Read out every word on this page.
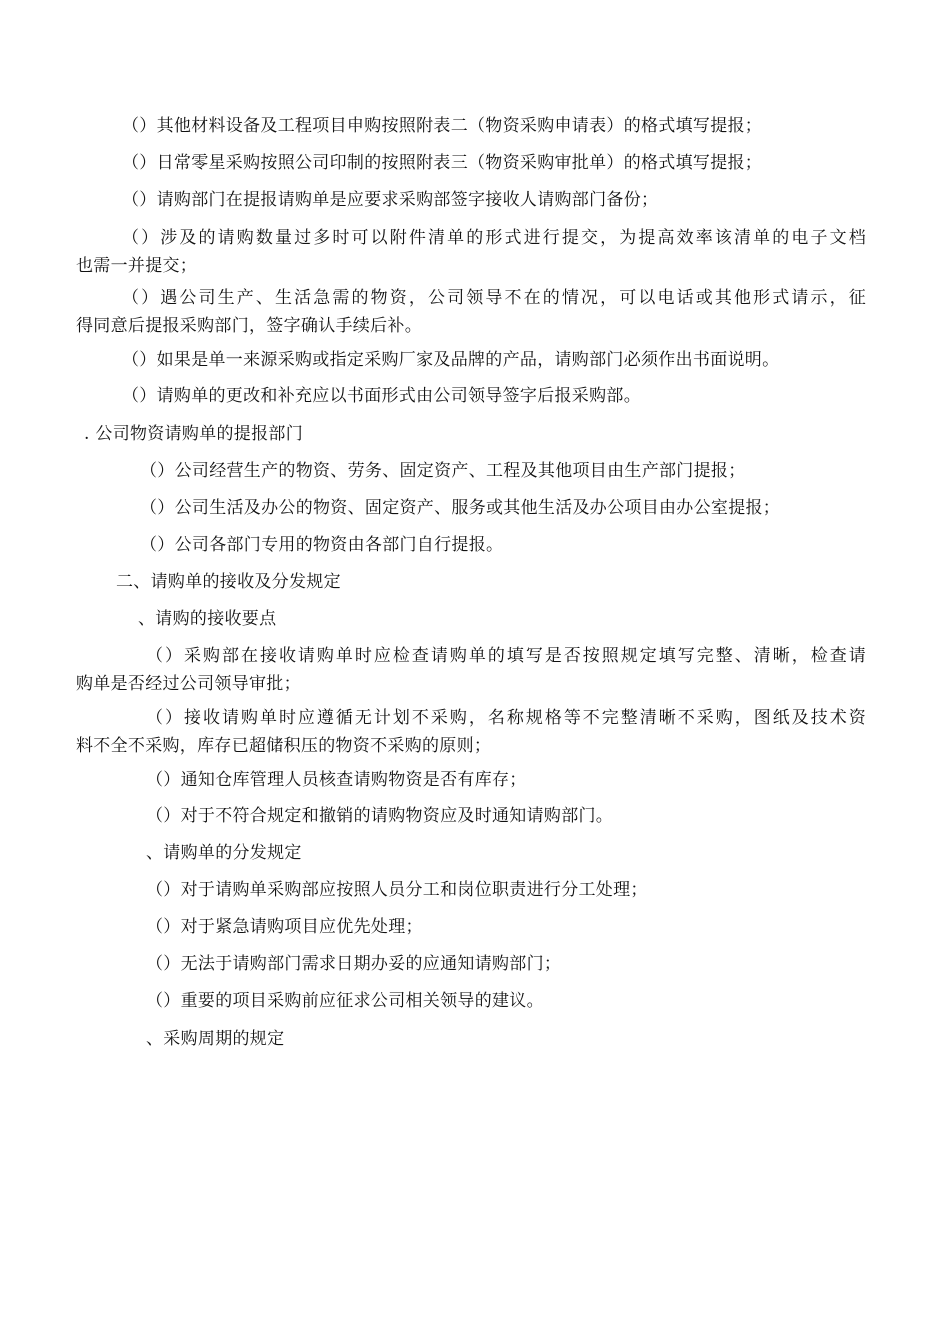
（）其他材料设备及工程项目申购按照附表二（物资采购申请表）的格式填写提报；
（）日常零星采购按照公司印制的按照附表三（物资采购审批单）的格式填写提报；
（）请购部门在提报请购单是应要求采购部签字接收人请购部门备份；
（）涉及的请购数量过多时可以附件清单的形式进行提交，为提高效率该清单的电子文档
也需一并提交；
（）遇公司生产、生活急需的物资，公司领导不在的情况，可以电话或其他形式请示，征
得同意后提报采购部门，签字确认手续后补。
（）如果是单一来源采购或指定采购厂家及品牌的产品，请购部门必须作出书面说明。
（）请购单的更改和补充应以书面形式由公司领导签字后报采购部。
. 公司物资请购单的提报部门
（）公司经营生产的物资、劳务、固定资产、工程及其他项目由生产部门提报；
（）公司生活及办公的物资、固定资产、服务或其他生活及办公项目由办公室提报；
（）公司各部门专用的物资由各部门自行提报。
二、请购单的接收及分发规定
、请购的接收要点
（）采购部在接收请购单时应检查请购单的填写是否按照规定填写完整、清晰，检查请
购单是否经过公司领导审批；
（）接收请购单时应遵循无计划不采购，名称规格等不完整清晰不采购，图纸及技术资
料不全不采购，库存已超储积压的物资不采购的原则；
（）通知仓库管理人员核查请购物资是否有库存；
（）对于不符合规定和撤销的请购物资应及时通知请购部门。
、请购单的分发规定
（）对于请购单采购部应按照人员分工和岗位职责进行分工处理；
（）对于紧急请购项目应优先处理；
（）无法于请购部门需求日期办妥的应通知请购部门；
（）重要的项目采购前应征求公司相关领导的建议。
、采购周期的规定
